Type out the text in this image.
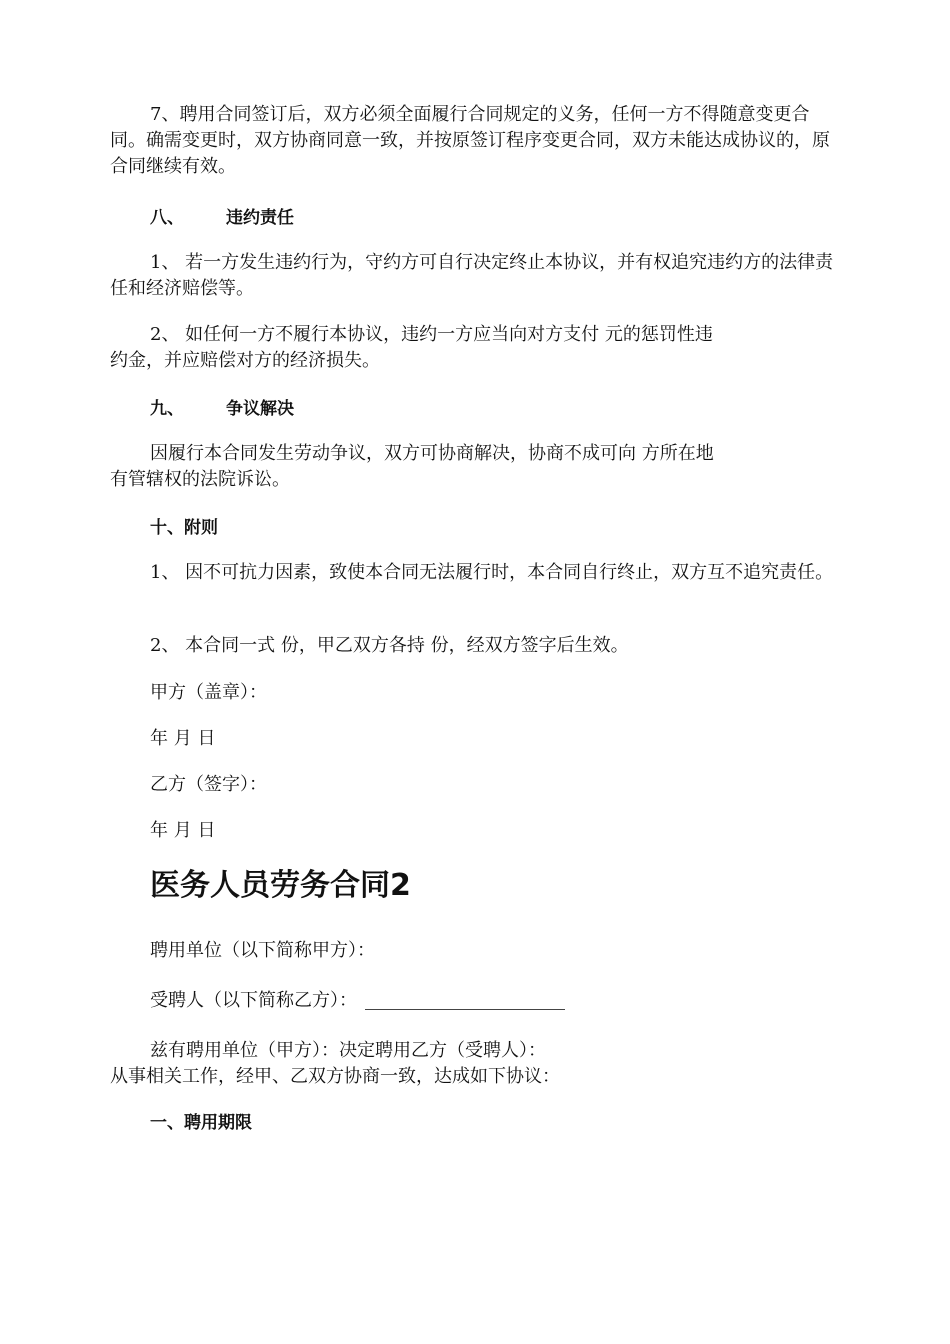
7、聘用合同签订后，双方必须全面履行合同规定的义务，任何一方不得随意变更合同。确需变更时，双方协商同意一致，并按原签订程序变更合同，双方未能达成协议的，原合同继续有效。

八、 违约责任

1、 若一方发生违约行为，守约方可自行决定终止本协议，并有权追究违约方的法律责任和经济赔偿等。

2、 如任何一方不履行本协议，违约一方应当向对方支付 元的惩罚性违
约金，并应赔偿对方的经济损失。
九、 争议解决
因履行本合同发生劳动争议，双方可协商解决，协商不成可向 方所在地
有管辖权的法院诉讼。
十、附则

1、 因不可抗力因素，致使本合同无法履行时，本合同自行终止，双方互不追究责任。

2、 本合同一式 份，甲乙双方各持 份，经双方签字后生效。
甲方（盖章）：
年 月 日
乙方（签字）：
年 月 日
医务人员劳务合同2
聘用单位（以下简称甲方）：
受聘人（以下简称乙方）：
兹有聘用单位（甲方）：决定聘用乙方（受聘人）：
从事相关工作，经甲、乙双方协商一致，达成如下协议：
一、聘用期限
